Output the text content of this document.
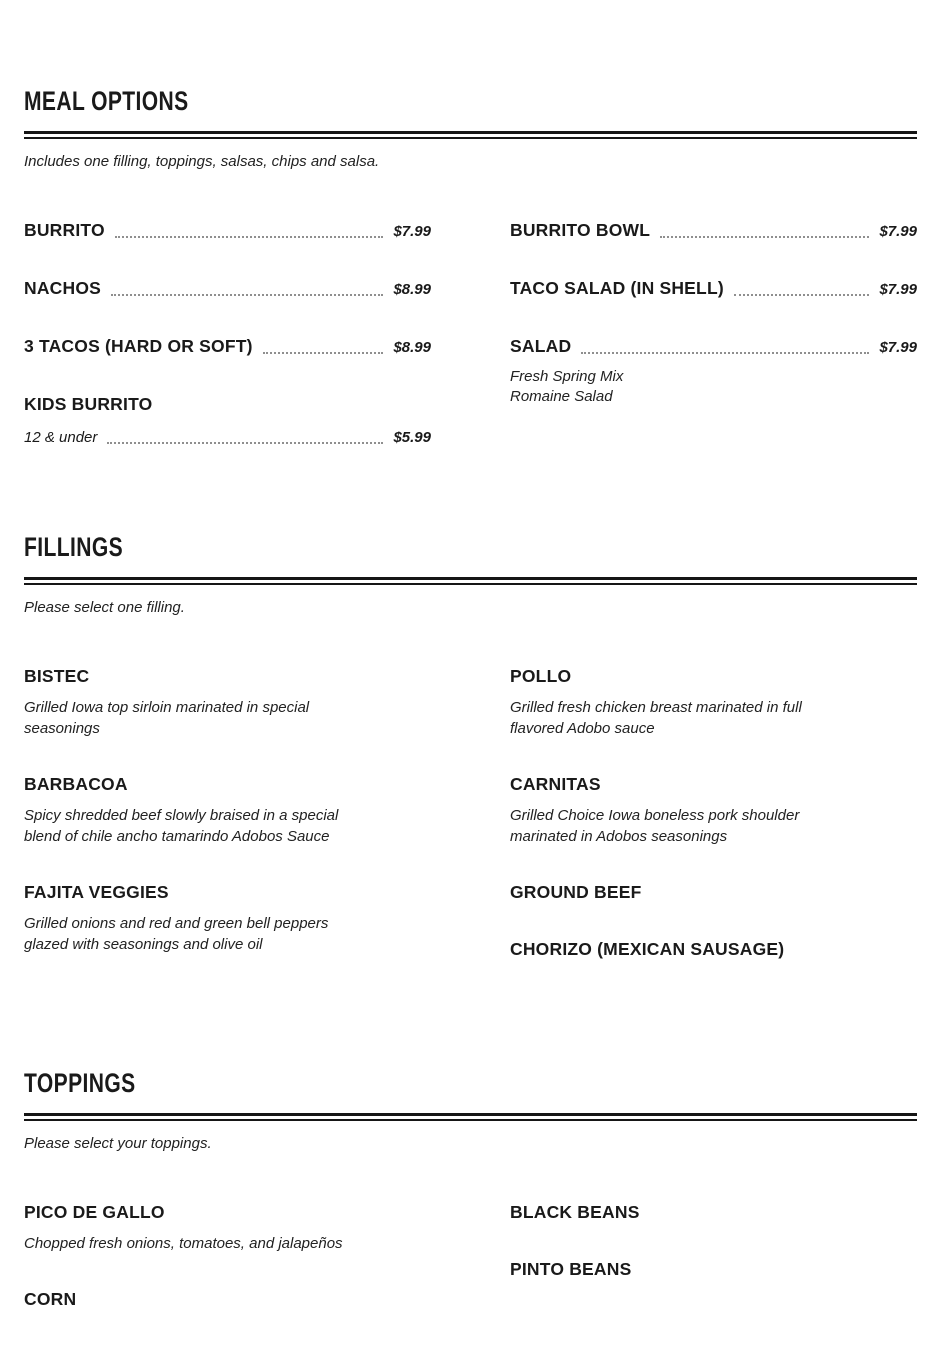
MEAL OPTIONS
Includes one filling, toppings, salsas, chips and salsa.
BURRITO	$7.99
NACHOS	$8.99
3 TACOS (HARD OR SOFT)	$8.99
KIDS BURRITO
12 & under	$5.99
BURRITO BOWL	$7.99
TACO SALAD (IN SHELL)	$7.99
SALAD	$7.99
Fresh Spring Mix
Romaine Salad
FILLINGS
Please select one filling.
BISTEC
Grilled Iowa top sirloin marinated in special seasonings
BARBACOA
Spicy shredded beef slowly braised in a special blend of chile ancho tamarindo Adobos Sauce
FAJITA VEGGIES
Grilled onions and red and green bell peppers glazed with seasonings and olive oil
POLLO
Grilled fresh chicken breast marinated in full flavored Adobo sauce
CARNITAS
Grilled Choice Iowa boneless pork shoulder marinated in Adobos seasonings
GROUND BEEF
CHORIZO (MEXICAN SAUSAGE)
TOPPINGS
Please select your toppings.
PICO DE GALLO
Chopped fresh onions, tomatoes, and jalapeños
CORN
BLACK BEANS
PINTO BEANS
